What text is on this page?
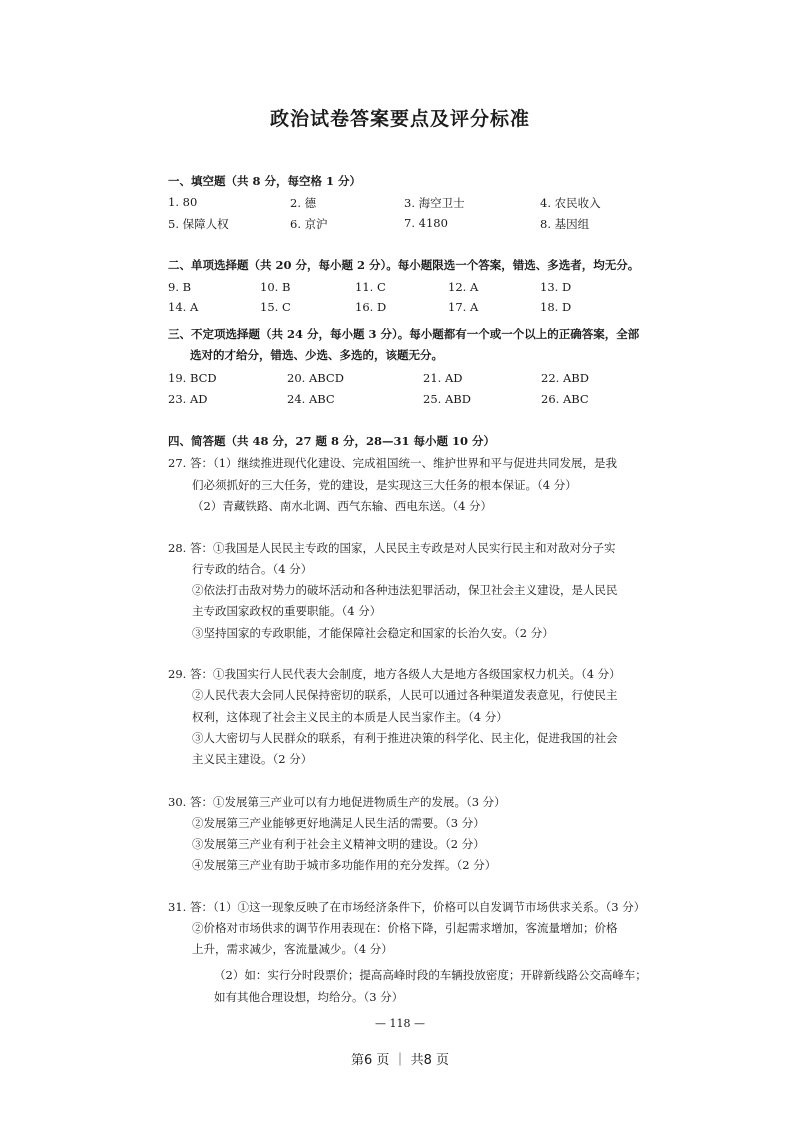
政治试卷答案要点及评分标准
一、填空题（共 8 分，每空格 1 分）
1. 80	2. 德	3. 海空卫士	4. 农民收入
5. 保障人权	6. 京沪	7. 4180	8. 基因组
二、单项选择题（共 20 分，每小题 2 分）。每小题限选一个答案，错选、多选者，均无分。
9. B	10. B	11. C	12. A	13. D
14. A	15. C	16. D	17. A	18. D
三、不定项选择题（共 24 分，每小题 3 分）。每小题都有一个或一个以上的正确答案，全部
选对的才给分，错选、少选、多选的，该题无分。
19. BCD	20. ABCD	21. AD	22. ABD
23. AD	24. ABC	25. ABD	26. ABC
四、简答题（共 48 分，27 题 8 分，28—31 每小题 10 分）
27. 答：（1）继续推进现代化建设、完成祖国统一、维护世界和平与促进共同发展，是我
们必须抓好的三大任务，党的建设，是实现这三大任务的根本保证。（4 分）
（2）青藏铁路、南水北调、西气东输、西电东送。（4 分）
28. 答：①我国是人民民主专政的国家，人民民主专政是对人民实行民主和对敌对分子实
行专政的结合。（4 分）
②依法打击敌对势力的破坏活动和各种违法犯罪活动，保卫社会主义建设，是人民民
主专政国家政权的重要职能。（4 分）
③坚持国家的专政职能，才能保障社会稳定和国家的长治久安。（2 分）
29. 答：①我国实行人民代表大会制度，地方各级人大是地方各级国家权力机关。（4 分）
②人民代表大会同人民保持密切的联系，人民可以通过各种渠道发表意见，行使民主
权利，这体现了社会主义民主的本质是人民当家作主。（4 分）
③人大密切与人民群众的联系，有利于推进决策的科学化、民主化，促进我国的社会
主义民主建设。（2 分）
30. 答：①发展第三产业可以有力地促进物质生产的发展。（3 分）
②发展第三产业能够更好地满足人民生活的需要。（3 分）
③发展第三产业有利于社会主义精神文明的建设。（2 分）
④发展第三产业有助于城市多功能作用的充分发挥。（2 分）
31. 答：（1）①这一现象反映了在市场经济条件下，价格可以自发调节市场供求关系。（3 分）
②价格对市场供求的调节作用表现在：价格下降，引起需求增加，客流量增加；价格
上升，需求减少，客流量减少。（4 分）
（2）如：实行分时段票价；提高高峰时段的车辆投放密度；开辟新线路公交高峰车；
如有其他合理设想，均给分。（3 分）
— 118 —
第6 页 ｜ 共8 页
